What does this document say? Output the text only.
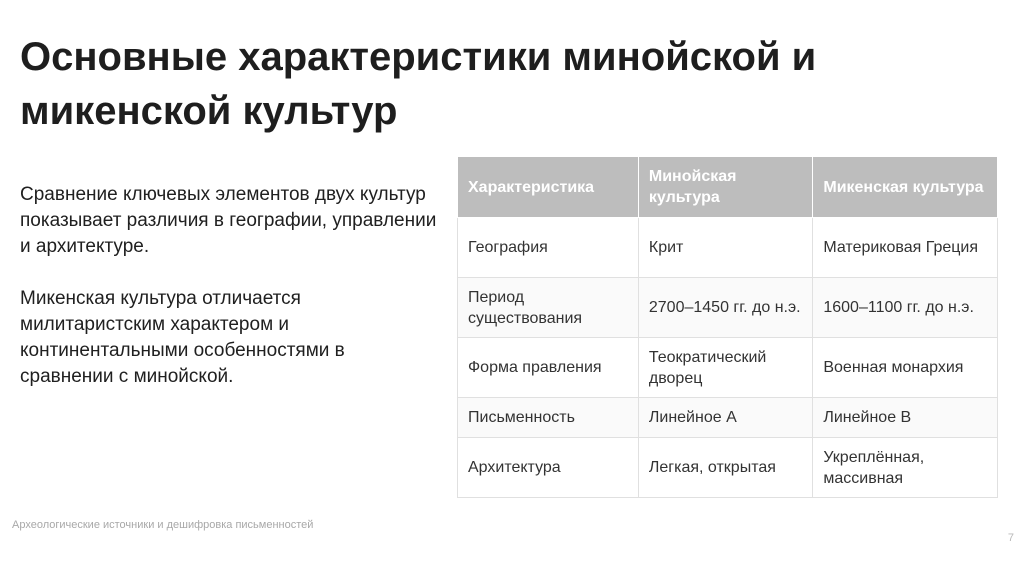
Основные характеристики минойской и микенской культур

Сравнение ключевых элементов двух культур показывает различия в географии, управлении и архитектуре.

Микенская культура отличается милитаристским характером и континентальными особенностями в сравнении с минойской.

Характеристика	Минойская культура	Микенская культура
География	Крит	Материковая Греция
Период существования	2700–1450 гг. до н.э.	1600–1100 гг. до н.э.
Форма правления	Теократический дворец	Военная монархия
Письменность	Линейное А	Линейное B
Архитектура	Легкая, открытая	Укреплённая, массивная
Археологические источники и дешифровка письменностей
7
